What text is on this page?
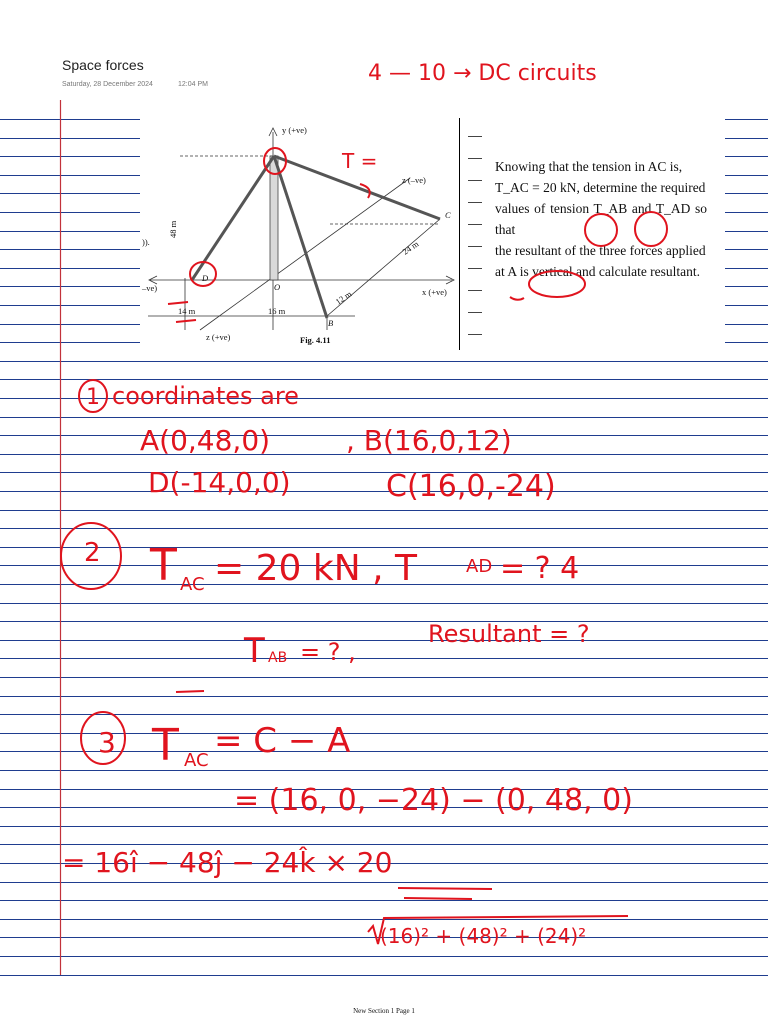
Space forces
Saturday, 28 December 2024	12:04 PM
y (+ve)
z (–ve)
–ve)	x (+ve)
z (+ve)
O
C
D
B
14 m	16 m
)).
48 m
24 m
12 m
Fig. 4.11

Knowing that the tension in AC is,
T_AC = 20 kN, determine the required
values of tension T_AB and T_AD so that
the resultant of the three forces applied
at A is vertical and calculate resultant.

4 — 10 → DC circuits
T =
1 coordinates are
A(0,48,0)	, B(16,0,12)
D(-14,0,0)	C(16,0,-24)
2 T AC = 20 kN , T	AD = ? 4
T AB = ? ,
Resultant = ?
3 T AC = C − A
= (16, 0, −24) − (0, 48, 0)
= 16î − 48ĵ − 24k̂ × 20
(16)² + (48)² + (24)²
New Section 1 Page 1
